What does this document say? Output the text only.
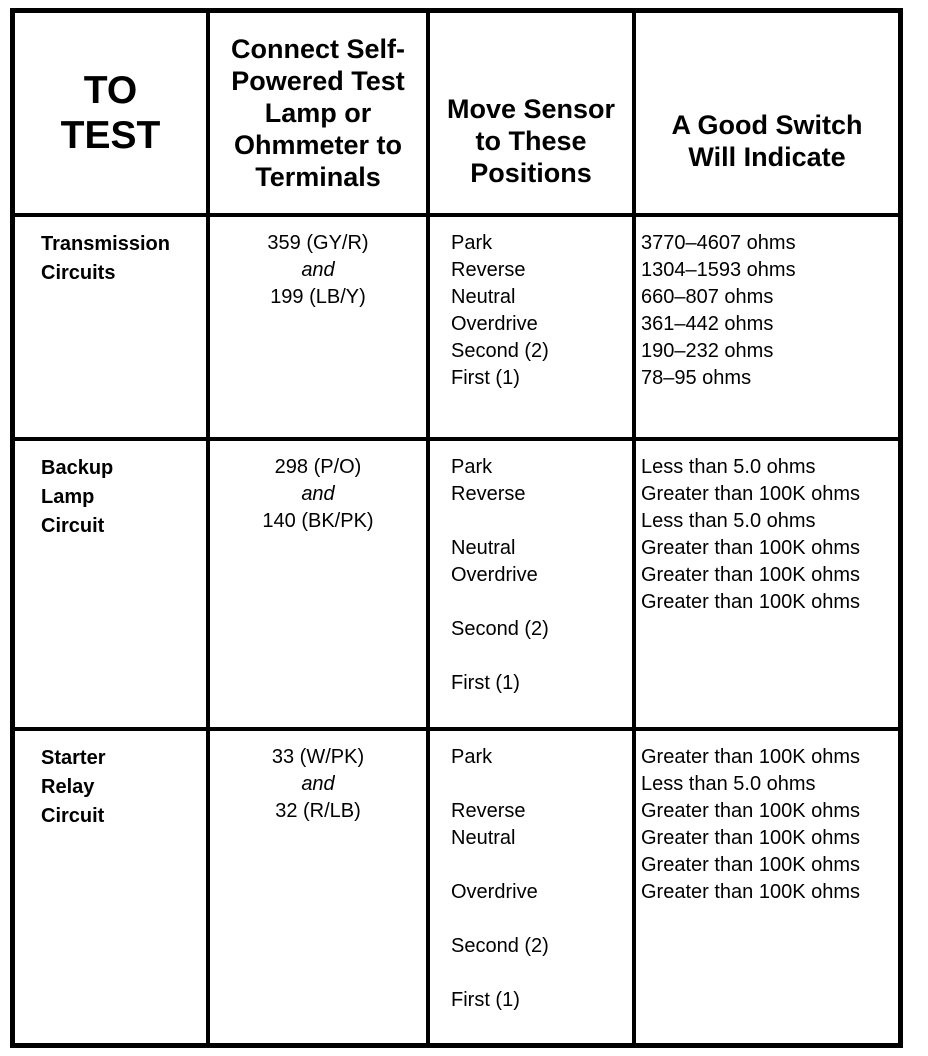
TO
TEST
Connect Self-
Powered Test
Lamp or
Ohmmeter to
Terminals
Move Sensor
to These
Positions
A Good Switch
Will Indicate
Transmission
Circuits
359 (GY/R)
and
199 (LB/Y)
Park
Reverse
Neutral
Overdrive
Second (2)
First (1)
3770–4607 ohms
1304–1593 ohms
660–807 ohms
361–442 ohms
190–232 ohms
78–95 ohms
Backup
Lamp
Circuit
298 (P/O)
and
140 (BK/PK)
Park
Reverse
Neutral
Overdrive
Second (2)
First (1)
Less than 5.0 ohms
Greater than 100K ohms
Less than 5.0 ohms
Greater than 100K ohms
Greater than 100K ohms
Greater than 100K ohms
Starter
Relay
Circuit
33 (W/PK)
and
32 (R/LB)
Park
Reverse
Neutral
Overdrive
Second (2)
First (1)
Greater than 100K ohms
Less than 5.0 ohms
Greater than 100K ohms
Greater than 100K ohms
Greater than 100K ohms
Greater than 100K ohms
